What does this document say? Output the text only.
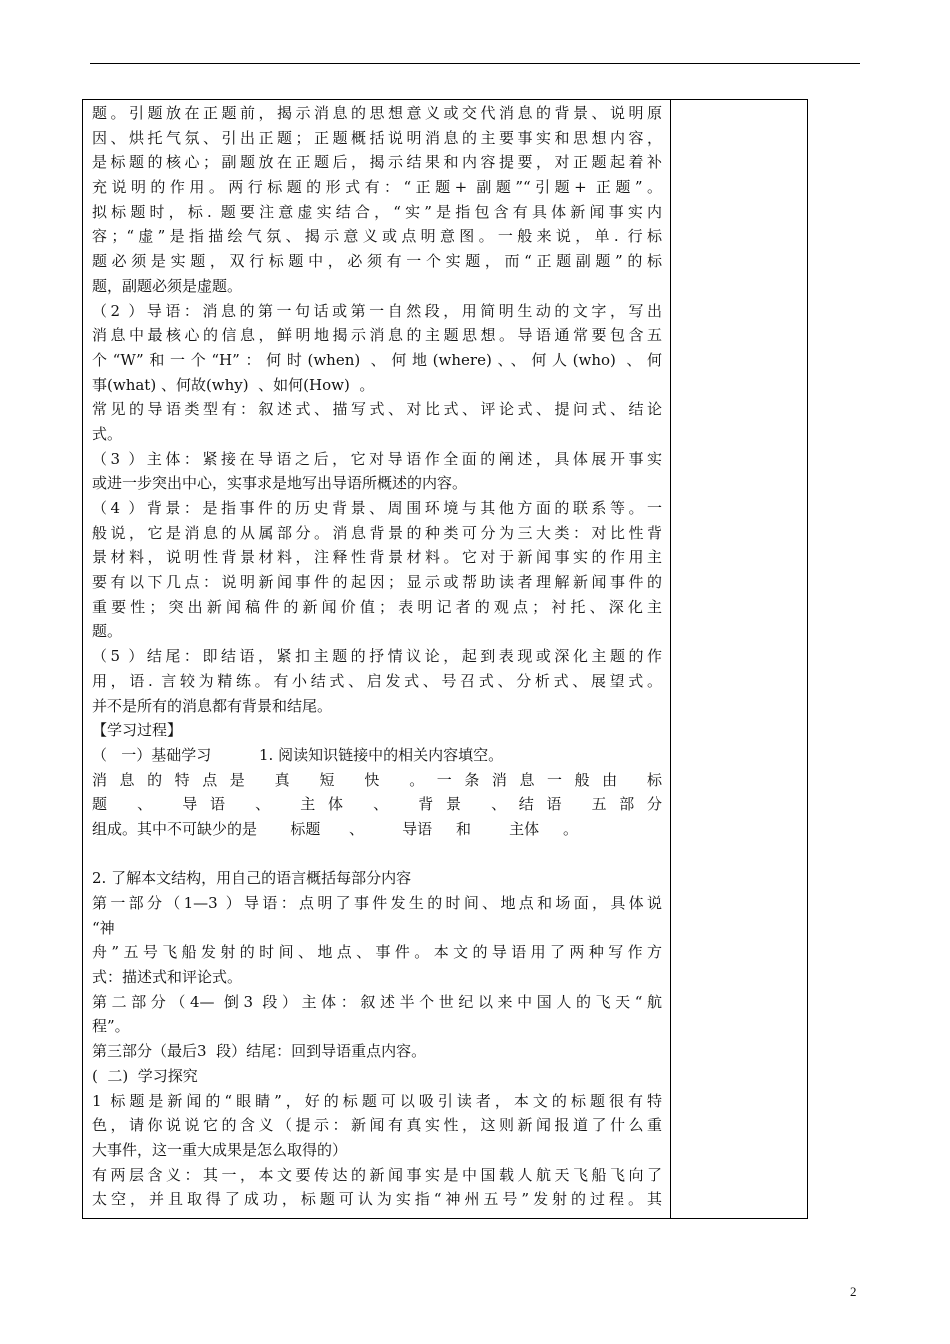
题。引题放在正题前，揭示消息的思想意义或交代消息的背景、说明原
因、烘托气氛、引出正题；正题概括说明消息的主要事实和思想内容，
是标题的核心；副题放在正题后，揭示结果和内容提要，对正题起着补
充说明的作用。两行标题的形式有：“正题+ 副题”“引题+ 正题”。
拟标题时，标. 题要注意虚实结合，“实”是指包含有具体新闻事实内
容；“虚”是指描绘气氛、揭示意义或点明意图。一般来说，单. 行标
题必须是实题，双行标题中，必须有一个实题，而“正题副题”的标
题，副题必须是虚题。
（2 ）导语：消息的第一句话或第一自然段，用简明生动的文字，写出
消息中最核心的信息，鲜明地揭示消息的主题思想。导语通常要包含五
个“W”和一个“H”：何时(when) 、何地(where)、、何人(who) 、何
事(what) 、何故(why)  、如何(How)  。
常见的导语类型有：叙述式、描写式、对比式、评论式、提问式、结论
式。
（3 ）主体：紧接在导语之后，它对导语作全面的阐述，具体展开事实
或进一步突出中心，实事求是地写出导语所概述的内容。
（4 ）背景：是指事件的历史背景、周围环境与其他方面的联系等。一
般说，它是消息的从属部分。消息背景的种类可分为三大类：对比性背
景材料，说明性背景材料，注释性背景材料。它对于新闻事实的作用主
要有以下几点：说明新闻事件的起因；显示或帮助读者理解新闻事件的
重要性；突出新闻稿件的新闻价值；表明记者的观点；衬托、深化主
题。
（5 ）结尾：即结语，紧扣主题的抒情议论，起到表现或深化主题的作
用，语. 言较为精练。有小结式、启发式、号召式、分析式、展望式。
并不是所有的消息都有背景和结尾。
【学习过程】
（   一）基础学习          1. 阅读知识链接中的相关内容填空。
消息的特点是 真 短 快 。一条消息一般由 标
题 、 导语 、 主体 、 背景 、结语 五部分
组成。其中不可缺少的是       标题      、        导语     和        主体     。
2. 了解本文结构，用自己的语言概括每部分内容
第一部分（1—3 ）导语：点明了事件发生的时间、地点和场面，具体说
“神
舟”五号飞船发射的时间、地点、事件。本文的导语用了两种写作方
式：描述式和评论式。
第二部分（4— 倒3 段）主体：叙述半个世纪以来中国人的飞天“航
程”。
第三部分（最后3  段）结尾：回到导语重点内容。
(  二)  学习探究
1 标题是新闻的“眼睛”，好的标题可以吸引读者，本文的标题很有特
色，请你说说它的含义（提示：新闻有真实性，这则新闻报道了什么重
大事件，这一重大成果是怎么取得的）
有两层含义：其一，本文要传达的新闻事实是中国载人航天飞船飞向了
太空，并且取得了成功，标题可认为实指“神州五号”发射的过程。其
2
